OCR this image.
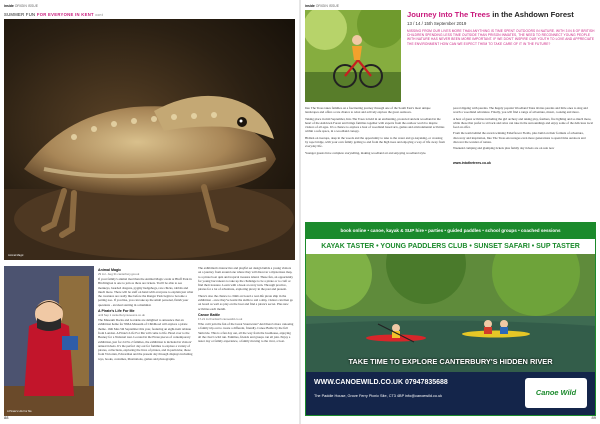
inside ORIGIN ISSUE
SUMMER FUN FOR EVERYONE IN KENT cont
Animal Magic
A Pirate's Life For Me
Animal Magic
29 Jul - Aug 31 canterbury.gov.uk

If your family's animal mad then the Animal Magic event at Bluff Park in Birchington is one to join as there are tickets. You'll be able to see monkeys, bearded dragons, pygmy hedgehogs, rare chicks, rabbits and much more. There will be staff on hand with everyone to explain just what the creatures are really like before the Ranger Park begin to become a petting zoo. If you like, you can take up the small personal, finish your questions - an ideal starting in a mammal.

A Pirate's Life For Me
until Sep 1 canterburymuseums.co.uk

The Museum Docks and Gardens are delighted to announce that an exhibition home for NMA Museum of Childhood will explore a pirate theme. 16th Mar-5th September this year, featuring an eight-item tableau from London. A Pirate's Life For Me will come to life. Head over to the Beaney for a National tour. Located in the Pirate pieces of contemporary exhibition, just for 24 No 2 families, the exhibition is included in visitors' annual tickets. It's the perfect day out for families to explore a variety of pirates, collections, exploring the lives of pirates, and in particular, those from Victorian, Edwardian and the present day through displays including toys, books, costumes, illustrations, games and photographs.

The exhibition's interactive and playful set design builds a young visitors on a journey from around one where they will discover a mysterious map, to a pirate boat quiz and tropical treasure island. These fun, an opportunity for young buccaneers to take up the challenge to be a pirate or to craft or find their treasure. Learn with a hook at every turn. Through practice, pirates for a lot of adventure, exploring piracy in the past and present.

There's also the chance to climb on board a real-life pirate ship in the exhibition - once they've learnt the skills to sail a ship, visitors can then go on board as well as play on the boat and find a pirate's secret. Plus new activities each month.

Canoe Battle
17-21 Jul Fordwich canoewild.co.uk

Who can't join the fun of the Great Stourwater? And there's more canoeing a family trip out to create a different, friendly. Canoe Battle by the full 5km ride. This is a fun day out, all the way from the boathouse, enjoying all the river's wild run. Families, friends and groups can all join. Enjoy a taster day or family experience, a family moving to the river, a boat.

88
inside ORIGIN ISSUE
Journey Into The Trees in the Ashdown Forest
13 / 14 / 15th September 2019

MISSING FROM OUR LIVES MORE THAN ANYTHING IS TIME SPENT OUTDOORS IN NATURE. WITH 3 IN 8 OF BRITISH CHILDREN SPENDING LESS TIME OUTSIDE THAN PRISON INMATES, THE NEED TO RECONNECT YOUNG PEOPLE WITH NATURE HAS NEVER BEEN MORE IMPORTANT. IF WE DON'T INSPIRE OUR YOUTH TO LOVE AND APPRECIATE THE ENVIRONMENT HOW CAN WE EXPECT THEM TO TAKE CARE OF IT IN THE FUTURE?

Into The Trees takes families on a fascinating journey through one of the South East's most unique landscapes and offers a rare chance to relax and actively explore the great outdoors.

Taking place in mid September, Into The Trees is held in an enchanting, protected ancient woodland in the heart of the Ashdown Forest and brings families together with experts from the outdoor world to inspire visitors of all ages. It's a chance to explore a host of woodland based arts, games and environmental activities within a safe space, in a woodland canopy.

Hidden on treetops, deep in the woods and the opportunity to take to the water and go kayaking, or crossing by rope bridge, with your own family getting to and from the high trees and enjoying a way of life away from everyday life.

Younger guests have complete storytelling, making woodland art and enjoying woodland style.

paced dipping with parents. The hugely popular Woodland Tales invites parents and little ones to sing and watch a woodland adventure. Finally, you will find a range of adventure, music, cooking and more.

A host of guest activities including the girl archery and taking play, feathers, fire lighting and so much more, while those that prefer to sit back and relax can take in the surroundings and enjoy some of the delicious local food on offer.

From the team behind the award-winning Elderflower Fields, plus build on their formula of adventure, discovery and inspiration, Into The Trees encourages even more generations to spend time outdoors and discover the wonder of nature.

Weekend camping and glamping tickets plus family day tickets are on sale now

www.intothetrees.co.uk
book online • canoe, kayak & SUP hire • parties • guided paddles • school groups • coached sessions
KAYAK TASTER • YOUNG PADDLERS CLUB • SUNSET SAFARI • SUP TASTER
TAKE TIME TO EXPLORE CANTERBURY'S HIDDEN RIVER
WWW.CANOEWILD.CO.UK 07947835688
The Paddle House, Grove Ferry Picnic Site, CT3 4BP info@canoewild.co.uk	Canoe Wild
89
